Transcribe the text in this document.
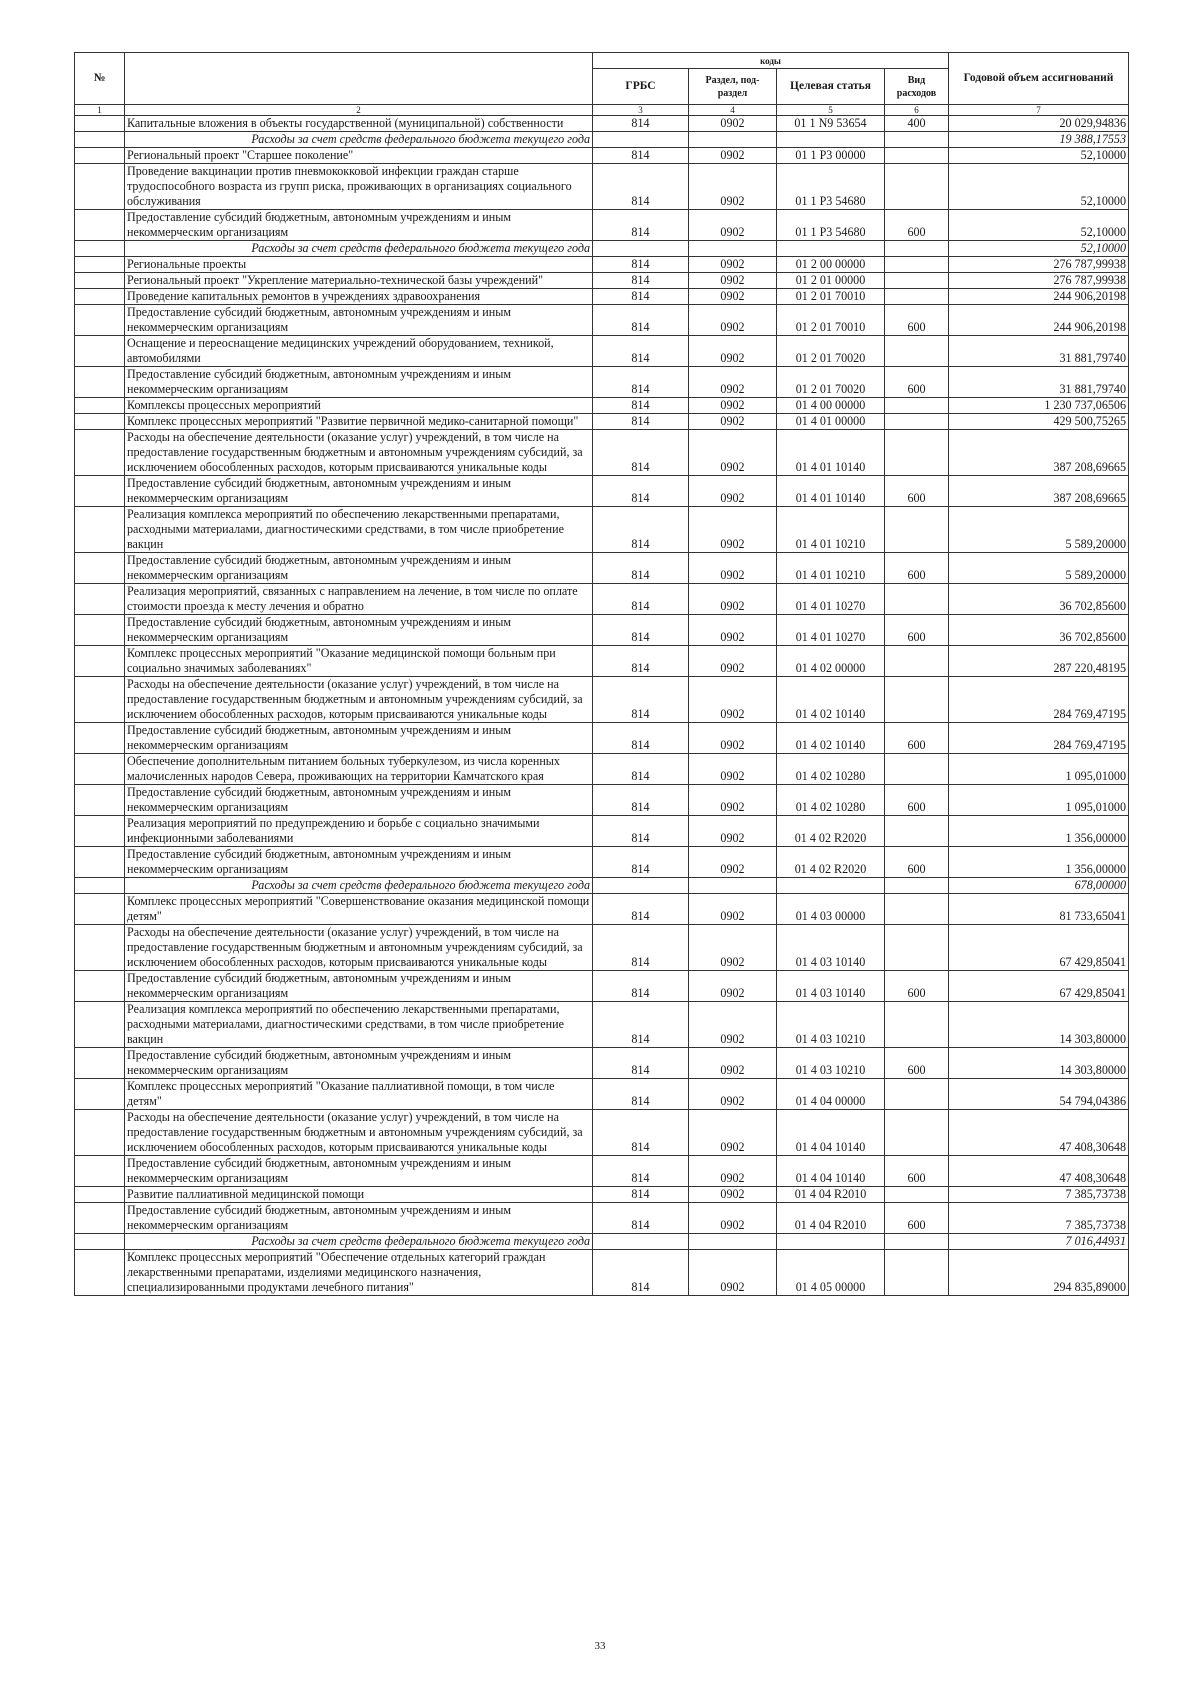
№		коды				Годовой объем ассигнований
		ГРБС	Раздел, под-раздел	Целевая статья	Вид расходов	
1	2	3	4	5	6	7
	Капитальные вложения в объекты государственной (муниципальной) собственности	814	0902	01 1 N9 53654	400	20 029,94836
	Расходы за счет средств федерального бюджета текущего года					19 388,17553
	Региональный проект "Старшее поколение"	814	0902	01 1 P3 00000		52,10000
	Проведение вакцинации против пневмококковой инфекции граждан старше трудоспособного возраста из групп риска, проживающих в организациях социального обслуживания	814	0902	01 1 P3 54680		52,10000
	Предоставление субсидий бюджетным, автономным учреждениям и иным некоммерческим организациям	814	0902	01 1 P3 54680	600	52,10000
	Расходы за счет средств федерального бюджета текущего года					52,10000
	Региональные проекты	814	0902	01 2 00 00000		276 787,99938
	Региональный проект "Укрепление материально-технической базы учреждений"	814	0902	01 2 01 00000		276 787,99938
	Проведение капитальных ремонтов в учреждениях здравоохранения	814	0902	01 2 01 70010		244 906,20198
	Предоставление субсидий бюджетным, автономным учреждениям и иным некоммерческим организациям	814	0902	01 2 01 70010	600	244 906,20198
	Оснащение и переоснащение медицинских учреждений оборудованием, техникой, автомобилями	814	0902	01 2 01 70020		31 881,79740
	Предоставление субсидий бюджетным, автономным учреждениям и иным некоммерческим организациям	814	0902	01 2 01 70020	600	31 881,79740
	Комплексы процессных мероприятий	814	0902	01 4 00 00000		1 230 737,06506
	Комплекс процессных мероприятий "Развитие первичной медико-санитарной помощи"	814	0902	01 4 01 00000		429 500,75265
	Расходы на обеспечение деятельности (оказание услуг) учреждений, в том числе на предоставление государственным бюджетным и автономным учреждениям субсидий, за исключением обособленных расходов, которым присваиваются уникальные коды	814	0902	01 4 01 10140		387 208,69665
	Предоставление субсидий бюджетным, автономным учреждениям и иным некоммерческим организациям	814	0902	01 4 01 10140	600	387 208,69665
	Реализация комплекса мероприятий по обеспечению лекарственными препаратами, расходными материалами, диагностическими средствами, в том числе приобретение вакцин	814	0902	01 4 01 10210		5 589,20000
	Предоставление субсидий бюджетным, автономным учреждениям и иным некоммерческим организациям	814	0902	01 4 01 10210	600	5 589,20000
	Реализация мероприятий, связанных с направлением на лечение, в том числе по оплате стоимости проезда к месту лечения и обратно	814	0902	01 4 01 10270		36 702,85600
	Предоставление субсидий бюджетным, автономным учреждениям и иным некоммерческим организациям	814	0902	01 4 01 10270	600	36 702,85600
	Комплекс процессных мероприятий "Оказание медицинской помощи больным при социально значимых заболеваниях"	814	0902	01 4 02 00000		287 220,48195
	Расходы на обеспечение деятельности (оказание услуг) учреждений, в том числе на предоставление государственным бюджетным и автономным учреждениям субсидий, за исключением обособленных расходов, которым присваиваются уникальные коды	814	0902	01 4 02 10140		284 769,47195
	Предоставление субсидий бюджетным, автономным учреждениям и иным некоммерческим организациям	814	0902	01 4 02 10140	600	284 769,47195
	Обеспечение дополнительным питанием больных туберкулезом, из числа коренных малочисленных народов Севера, проживающих на территории Камчатского края	814	0902	01 4 02 10280		1 095,01000
	Предоставление субсидий бюджетным, автономным учреждениям и иным некоммерческим организациям	814	0902	01 4 02 10280	600	1 095,01000
	Реализация мероприятий по предупреждению и борьбе с социально значимыми инфекционными заболеваниями	814	0902	01 4 02 R2020		1 356,00000
	Предоставление субсидий бюджетным, автономным учреждениям и иным некоммерческим организациям	814	0902	01 4 02 R2020	600	1 356,00000
	Расходы за счет средств федерального бюджета текущего года					678,00000
	Комплекс процессных мероприятий "Совершенствование оказания медицинской помощи детям"	814	0902	01 4 03 00000		81 733,65041
	Расходы на обеспечение деятельности (оказание услуг) учреждений, в том числе на предоставление государственным бюджетным и автономным учреждениям субсидий, за исключением обособленных расходов, которым присваиваются уникальные коды	814	0902	01 4 03 10140		67 429,85041
	Предоставление субсидий бюджетным, автономным учреждениям и иным некоммерческим организациям	814	0902	01 4 03 10140	600	67 429,85041
	Реализация комплекса мероприятий по обеспечению лекарственными препаратами, расходными материалами, диагностическими средствами, в том числе приобретение вакцин	814	0902	01 4 03 10210		14 303,80000
	Предоставление субсидий бюджетным, автономным учреждениям и иным некоммерческим организациям	814	0902	01 4 03 10210	600	14 303,80000
	Комплекс процессных мероприятий "Оказание паллиативной помощи, в том числе детям"	814	0902	01 4 04 00000		54 794,04386
	Расходы на обеспечение деятельности (оказание услуг) учреждений, в том числе на предоставление государственным бюджетным и автономным учреждениям субсидий, за исключением обособленных расходов, которым присваиваются уникальные коды	814	0902	01 4 04 10140		47 408,30648
	Предоставление субсидий бюджетным, автономным учреждениям и иным некоммерческим организациям	814	0902	01 4 04 10140	600	47 408,30648
	Развитие паллиативной медицинской помощи	814	0902	01 4 04 R2010		7 385,73738
	Предоставление субсидий бюджетным, автономным учреждениям и иным некоммерческим организациям	814	0902	01 4 04 R2010	600	7 385,73738
	Расходы за счет средств федерального бюджета текущего года					7 016,44931
	Комплекс процессных мероприятий "Обеспечение отдельных категорий граждан лекарственными препаратами, изделиями медицинского назначения, специализированными продуктами лечебного питания"	814	0902	01 4 05 00000		294 835,89000
33
